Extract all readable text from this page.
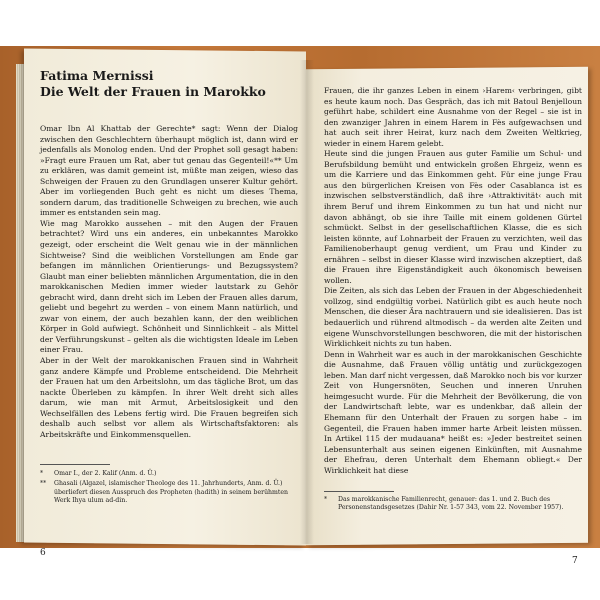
Fatima Mernissi
Die Welt der Frauen in Marokko

Omar Ibn Al Khattab der Gerechte* sagt: Wenn der Dialog zwischen den Geschlechtern überhaupt möglich ist, dann wird er jedenfalls als Monolog enden. Und der Prophet soll gesagt haben: »Fragt eure Frauen um Rat, aber tut genau das Gegenteil!«** Um zu erklären, was damit gemeint ist, müßte man zeigen, wieso das Schweigen der Frauen zu den Grundlagen unserer Kultur gehört. Aber im vorliegenden Buch geht es nicht um dieses Thema, sondern darum, das traditionelle Schweigen zu brechen, wie auch immer es entstanden sein mag.

Wie mag Marokko aussehen – mit den Augen der Frauen betrachtet? Wird uns ein anderes, ein unbekanntes Marokko gezeigt, oder erscheint die Welt genau wie in der männlichen Sichtweise? Sind die weiblichen Vorstellungen am Ende gar befangen im männlichen Orientierungs- und Bezugssystem? Glaubt man einer beliebten männlichen Argumentation, die in den marokkanischen Medien immer wieder lautstark zu Gehör gebracht wird, dann dreht sich im Leben der Frauen alles darum, geliebt und begehrt zu werden – von einem Mann natürlich, und zwar von einem, der auch bezahlen kann, der den weiblichen Körper in Gold aufwiegt. Schönheit und Sinnlichkeit – als Mittel der Verführungskunst – gelten als die wichtigsten Ideale im Leben einer Frau.

Aber in der Welt der marokkanischen Frauen sind in Wahrheit ganz andere Kämpfe und Probleme entscheidend. Die Mehrheit der Frauen hat um den Arbeitslohn, um das tägliche Brot, um das nackte Überleben zu kämpfen. In ihrer Welt dreht sich alles darum, wie man mit Armut, Arbeitslosigkeit und den Wechselfällen des Lebens fertig wird. Die Frauen begreifen sich deshalb auch selbst vor allem als Wirtschaftsfaktoren: als Arbeitskräfte und Einkommensquellen.

*	Omar I., der 2. Kalif (Anm. d. Ü.)
**	Ghasali (Algazel, islamischer Theologe des 11. Jahrhunderts, Anm. d. Ü.) überliefert diesen Ausspruch des Propheten (hadith) in seinem berühmten Werk Ihya ulum ad-din.
6

Frauen, die ihr ganzes Leben in einem ›Harem‹ verbringen, gibt es heute kaum noch. Das Gespräch, das ich mit Batoul Benjelloun geführt habe, schildert eine Ausnahme von der Regel – sie ist in den zwanziger Jahren in einem Harem in Fès aufgewachsen und hat auch seit ihrer Heirat, kurz nach dem Zweiten Weltkrieg, wieder in einem Harem gelebt.

Heute sind die jungen Frauen aus guter Familie um Schul- und Berufsbildung bemüht und entwickeln großen Ehrgeiz, wenn es um die Karriere und das Einkommen geht. Für eine junge Frau aus den bürgerlichen Kreisen von Fès oder Casablanca ist es inzwischen selbstverständlich, daß ihre ›Attraktivität‹ auch mit ihrem Beruf und ihrem Einkommen zu tun hat und nicht nur davon abhängt, ob sie ihre Taille mit einem goldenen Gürtel schmückt. Selbst in der gesellschaftlichen Klasse, die es sich leisten könnte, auf Lohnarbeit der Frauen zu verzichten, weil das Familienoberhaupt genug verdient, um Frau und Kinder zu ernähren – selbst in dieser Klasse wird inzwischen akzeptiert, daß die Frauen ihre Eigenständigkeit auch ökonomisch beweisen wollen.

Die Zeiten, als sich das Leben der Frauen in der Abgeschiedenheit vollzog, sind endgültig vorbei. Natürlich gibt es auch heute noch Menschen, die dieser Ära nachtrauern und sie idealisieren. Das ist bedauerlich und rührend altmodisch – da werden alte Zeiten und eigene Wunschvorstellungen beschworen, die mit der historischen Wirklichkeit nichts zu tun haben.

Denn in Wahrheit war es auch in der marokkanischen Geschichte die Ausnahme, daß Frauen völlig untätig und zurückgezogen leben. Man darf nicht vergessen, daß Marokko noch bis vor kurzer Zeit von Hungersnöten, Seuchen und inneren Unruhen heimgesucht wurde. Für die Mehrheit der Bevölkerung, die von der Landwirtschaft lebte, war es undenkbar, daß allein der Ehemann für den Unterhalt der Frauen zu sorgen habe – im Gegenteil, die Frauen haben immer harte Arbeit leisten müssen. In Artikel 115 der mudauana* heißt es: »Jeder bestreitet seinen Lebensunterhalt aus seinen eigenen Einkünften, mit Ausnahme der Ehefrau, deren Unterhalt dem Ehemann obliegt.« Der Wirklichkeit hat diese

*	Das marokkanische Familienrecht, genauer: das 1. und 2. Buch des Personenstandsgesetzes (Dahir Nr. 1-57 343, vom 22. November 1957).
7
